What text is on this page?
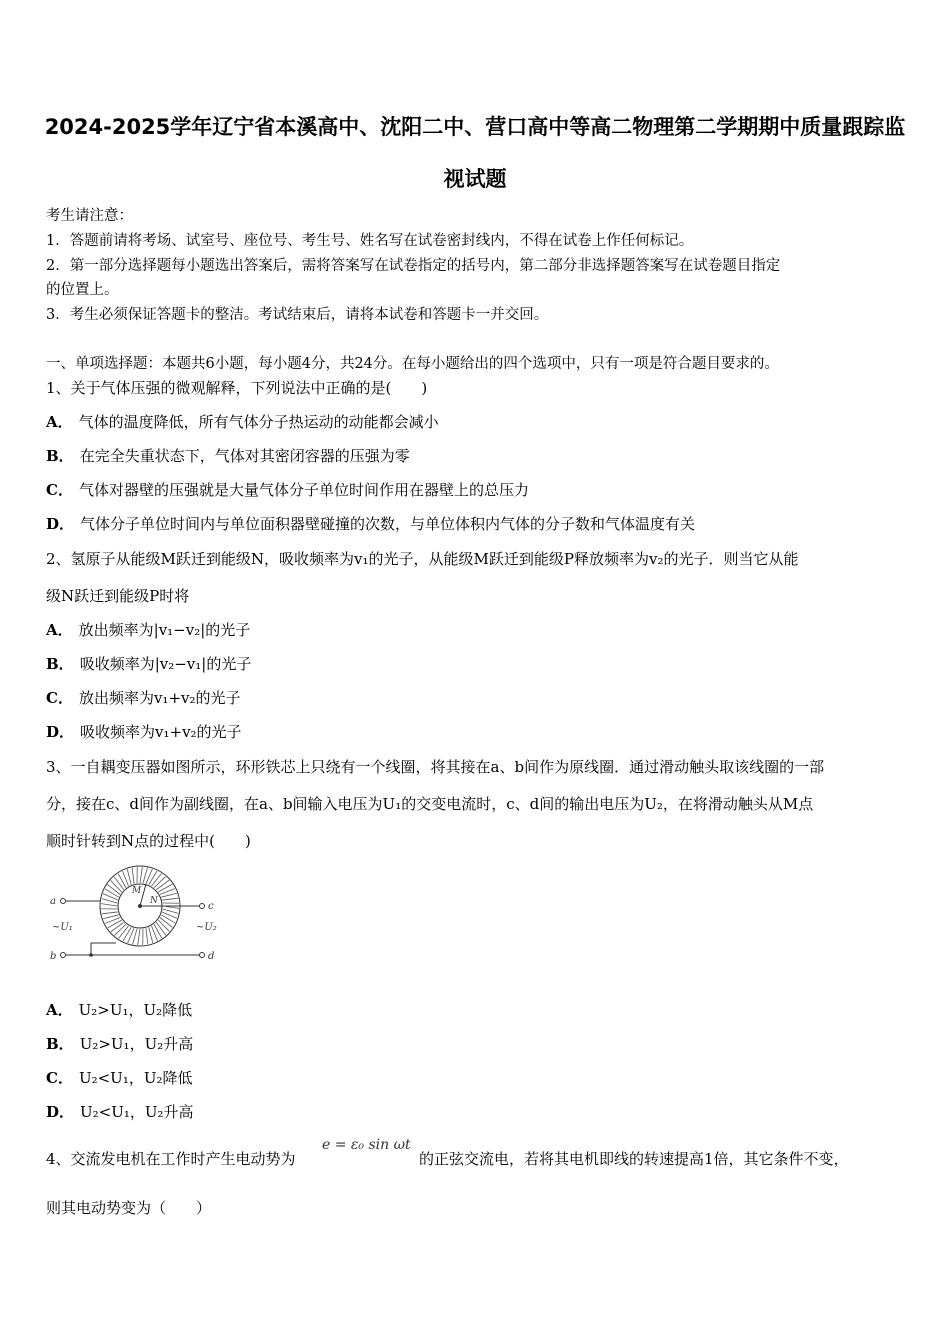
2024-2025学年辽宁省本溪高中、沈阳二中、营口高中等高二物理第二学期期中质量跟踪监视试题
考生请注意：
1．答题前请将考场、试室号、座位号、考生号、姓名写在试卷密封线内，不得在试卷上作任何标记。
2．第一部分选择题每小题选出答案后，需将答案写在试卷指定的括号内，第二部分非选择题答案写在试卷题目指定
的位置上。
3．考生必须保证答题卡的整洁。考试结束后，请将本试卷和答题卡一并交回。
一、单项选择题：本题共6小题，每小题4分，共24分。在每小题给出的四个选项中，只有一项是符合题目要求的。
1、关于气体压强的微观解释，下列说法中正确的是(　　)
A． 气体的温度降低，所有气体分子热运动的动能都会减小
B． 在完全失重状态下，气体对其密闭容器的压强为零
C． 气体对器壁的压强就是大量气体分子单位时间作用在器壁上的总压力
D． 气体分子单位时间内与单位面积器壁碰撞的次数，与单位体积内气体的分子数和气体温度有关
2、氢原子从能级M跃迁到能级N，吸收频率为v₁的光子，从能级M跃迁到能级P释放频率为v₂的光子．则当它从能
级N跃迁到能级P时将
A． 放出频率为|v₁−v₂|的光子
B． 吸收频率为|v₂−v₁|的光子
C． 放出频率为v₁+v₂的光子
D． 吸收频率为v₁+v₂的光子
3、一自耦变压器如图所示，环形铁芯上只绕有一个线圈，将其接在a、b间作为原线圈．通过滑动触头取该线圈的一部
分，接在c、d间作为副线圈，在a、b间输入电压为U₁的交变电流时，c、d间的输出电压为U₂，在将滑动触头从M点
顺时针转到N点的过程中(　　)
a
b
c
d
~U₁	~U₂
M
N
A． U₂>U₁，U₂降低
B． U₂>U₁，U₂升高
C． U₂<U₁，U₂降低
D． U₂<U₁，U₂升高
4、交流发电机在工作时产生电动势为
e = ε₀ sin ωt
的正弦交流电，若将其电机即线的转速提高1倍，其它条件不变，
则其电动势变为（　　）
